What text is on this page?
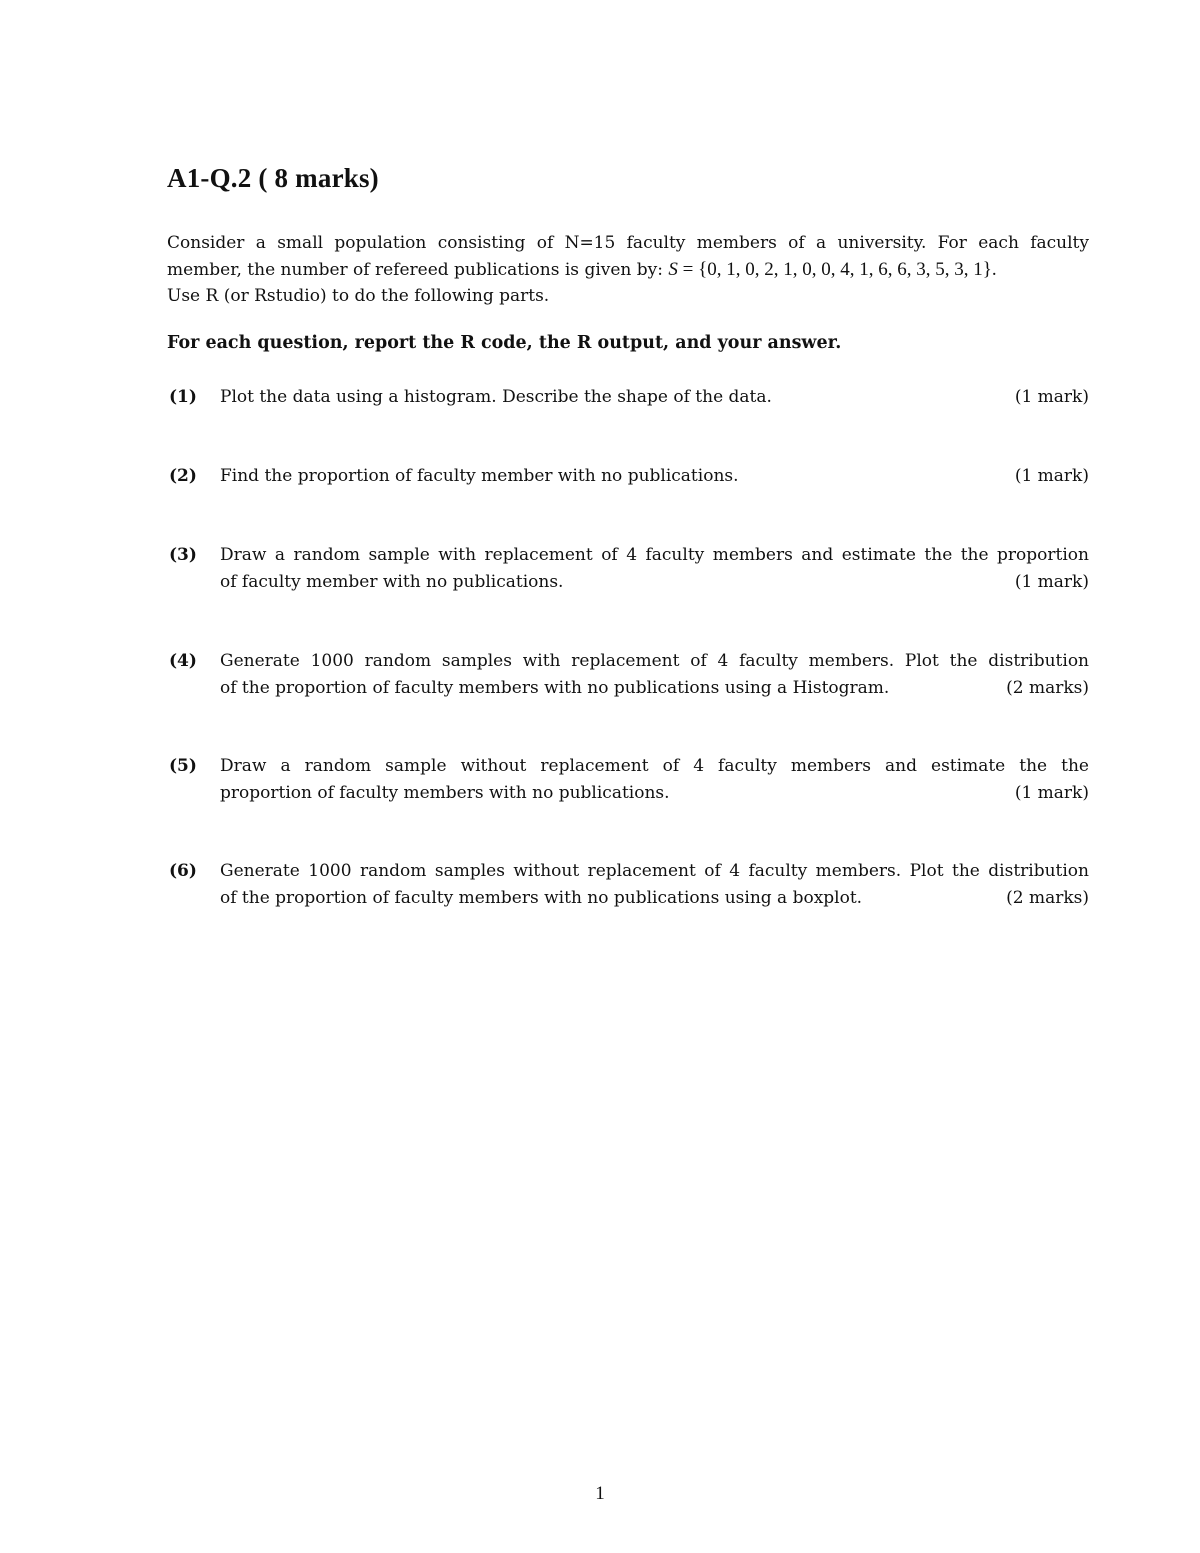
A1-Q.2 ( 8 marks)
Consider a small population consisting of N=15 faculty members of a university. For each faculty
member, the number of refereed publications is given by: S = {0, 1, 0, 2, 1, 0, 0, 4, 1, 6, 6, 3, 5, 3, 1}.
Use R (or Rstudio) to do the following parts.

For each question, report the R code, the R output, and your answer.

(1) Plot the data using a histogram. Describe the shape of the data.	(1 mark)
(2) Find the proportion of faculty member with no publications.	(1 mark)
(3) Draw a random sample with replacement of 4 faculty members and estimate the the proportion
of faculty member with no publications.	(1 mark)
(4) Generate 1000 random samples with replacement of 4 faculty members. Plot the distribution
of the proportion of faculty members with no publications using a Histogram.	(2 marks)
(5) Draw a random sample without replacement of 4 faculty members and estimate the the
proportion of faculty members with no publications.	(1 mark)
(6) Generate 1000 random samples without replacement of 4 faculty members. Plot the distribution
of the proportion of faculty members with no publications using a boxplot.	(2 marks)
1
